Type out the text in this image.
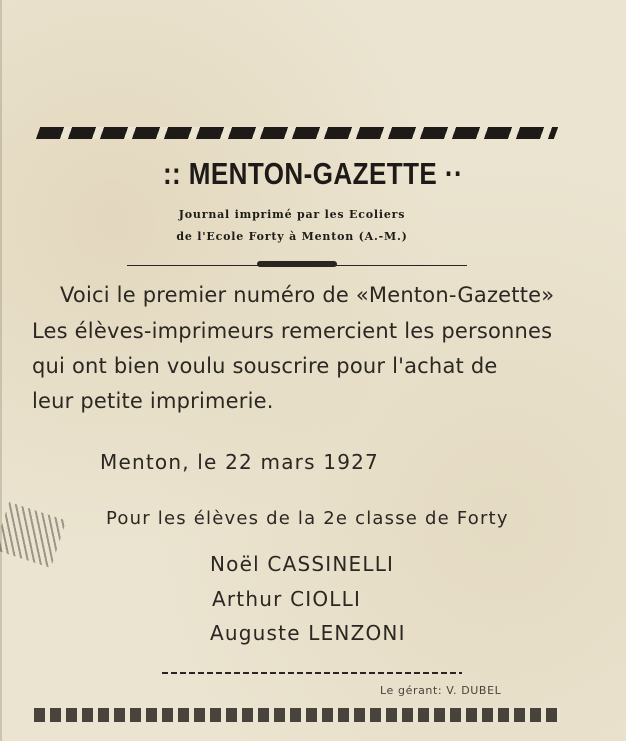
:: MENTON-GAZETTE ··
Journal imprimé par les Ecoliers
de l'Ecole Forty à Menton (A.-M.)
Voici le premier numéro de «Menton-Gazette»
Les élèves-imprimeurs remercient les personnes
qui ont bien voulu souscrire pour l'achat de
leur petite imprimerie.
Menton, le 22 mars 1927
Pour les élèves de la 2e classe de Forty
Noël CASSINELLI
Arthur CIOLLI
Auguste LENZONI
Le gérant: V. DUBEL
